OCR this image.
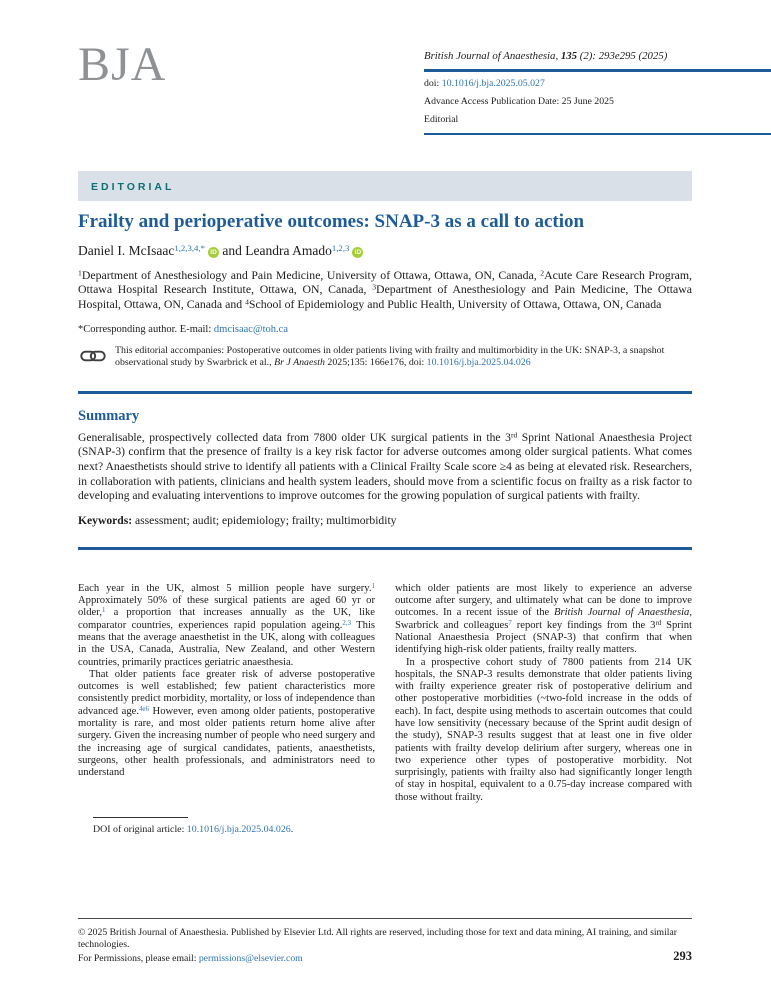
BJA	British Journal of Anaesthesia, 135 (2): 293e295 (2025)
doi: 10.1016/j.bja.2025.05.027
Advance Access Publication Date: 25 June 2025
Editorial
EDITORIAL
Frailty and perioperative outcomes: SNAP-3 as a call to action
Daniel I. McIsaac$^{1,2,3,4,*}$ iD and Leandra Amado$^{1,2,3}$ iD
$^1$Department of Anesthesiology and Pain Medicine, University of Ottawa, Ottawa, ON, Canada, $^2$Acute Care Research Program, Ottawa Hospital Research Institute, Ottawa, ON, Canada, $^3$Department of Anesthesiology and Pain Medicine, The Ottawa Hospital, Ottawa, ON, Canada and $^4$School of Epidemiology and Public Health, University of Ottawa, Ottawa, ON, Canada
*Corresponding author. E-mail: dmcisaac@toh.ca
This editorial accompanies: Postoperative outcomes in older patients living with frailty and multimorbidity in the UK: SNAP-3, a snapshot observational study by Swarbrick et al., Br J Anaesth 2025;135: 166e176, doi: 10.1016/j.bja.2025.04.026
Summary

Generalisable, prospectively collected data from 7800 older UK surgical patients in the 3rd Sprint National Anaesthesia Project (SNAP-3) confirm that the presence of frailty is a key risk factor for adverse outcomes among older surgical patients. What comes next? Anaesthetists should strive to identify all patients with a Clinical Frailty Scale score ≥4 as being at elevated risk. Researchers, in collaboration with patients, clinicians and health system leaders, should move from a scientific focus on frailty as a risk factor to developing and evaluating interventions to improve outcomes for the growing population of surgical patients with frailty.

Keywords: assessment; audit; epidemiology; frailty; multimorbidity

Each year in the UK, almost 5 million people have surgery.$^1$ Approximately 50% of these surgical patients are aged 60 yr or older,$^1$ a proportion that increases annually as the UK, like comparator countries, experiences rapid population ageing.$^{2,3}$ This means that the average anaesthetist in the UK, along with colleagues in the USA, Canada, Australia, New Zealand, and other Western countries, primarily practices geriatric anaesthesia.

That older patients face greater risk of adverse postoperative outcomes is well established; few patient characteristics more consistently predict morbidity, mortality, or loss of independence than advanced age.$^{4e6}$ However, even among older patients, postoperative mortality is rare, and most older patients return home alive after surgery. Given the increasing number of people who need surgery and the increasing age of surgical candidates, patients, anaesthetists, surgeons, other health professionals, and administrators need to understand

DOI of original article: 10.1016/j.bja.2025.04.026.

which older patients are most likely to experience an adverse outcome after surgery, and ultimately what can be done to improve outcomes. In a recent issue of the British Journal of Anaesthesia, Swarbrick and colleagues$^7$ report key findings from the 3rd Sprint National Anaesthesia Project (SNAP-3) that confirm that when identifying high-risk older patients, frailty really matters.

In a prospective cohort study of 7800 patients from 214 UK hospitals, the SNAP-3 results demonstrate that older patients living with frailty experience greater risk of postoperative delirium and other postoperative morbidities (~two-fold increase in the odds of each). In fact, despite using methods to ascertain outcomes that could have low sensitivity (necessary because of the Sprint audit design of the study), SNAP-3 results suggest that at least one in five older patients with frailty develop delirium after surgery, whereas one in two experience other types of postoperative morbidity. Not surprisingly, patients with frailty also had significantly longer length of stay in hospital, equivalent to a 0.75-day increase compared with those without frailty.

© 2025 British Journal of Anaesthesia. Published by Elsevier Ltd. All rights are reserved, including those for text and data mining, AI training, and similar technologies.
For Permissions, please email: permissions@elsevier.com	293
